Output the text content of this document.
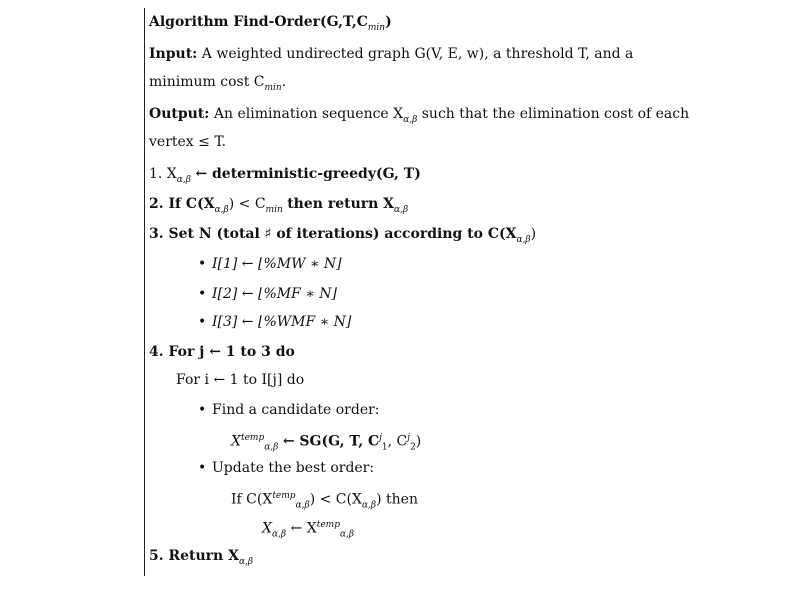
Algorithm Find-$Order(G,T,C_{min})$
Input: A weighted undirected graph G(V, E, w), a threshold T, and a
minimum cost $C_{min}$.
Output: An elimination sequence $X_{\alpha,\beta}$ such that the elimination cost of each
vertex ≤ T.
1. $X_{\alpha,\beta}$ ← deterministic-greedy(G, T)
2. If $C(X_{\alpha,\beta}) < C_{min}$ then return $X_{\alpha,\beta}$
3. Set N (total ♯ of iterations) according to $C(X_{\alpha,\beta})$
• I[1] ← ⌊%MW ∗ N⌋
• I[2] ← ⌊%MF ∗ N⌋
• I[3] ← ⌊%WMF ∗ N⌋
4. For j ← 1 to 3 do
For i ← 1 to I[j] do
• Find a candidate order:
$X^{temp}_{\alpha,\beta}$ ← SG(G, T, $C^j_1$, $C^j_2$)
• Update the best order:
If $C(X^{temp}_{\alpha,\beta}) < C(X_{\alpha,\beta})$ then
$X_{\alpha,\beta}$ ← $X^{temp}_{\alpha,\beta}$
5. Return $X_{\alpha,\beta}$
